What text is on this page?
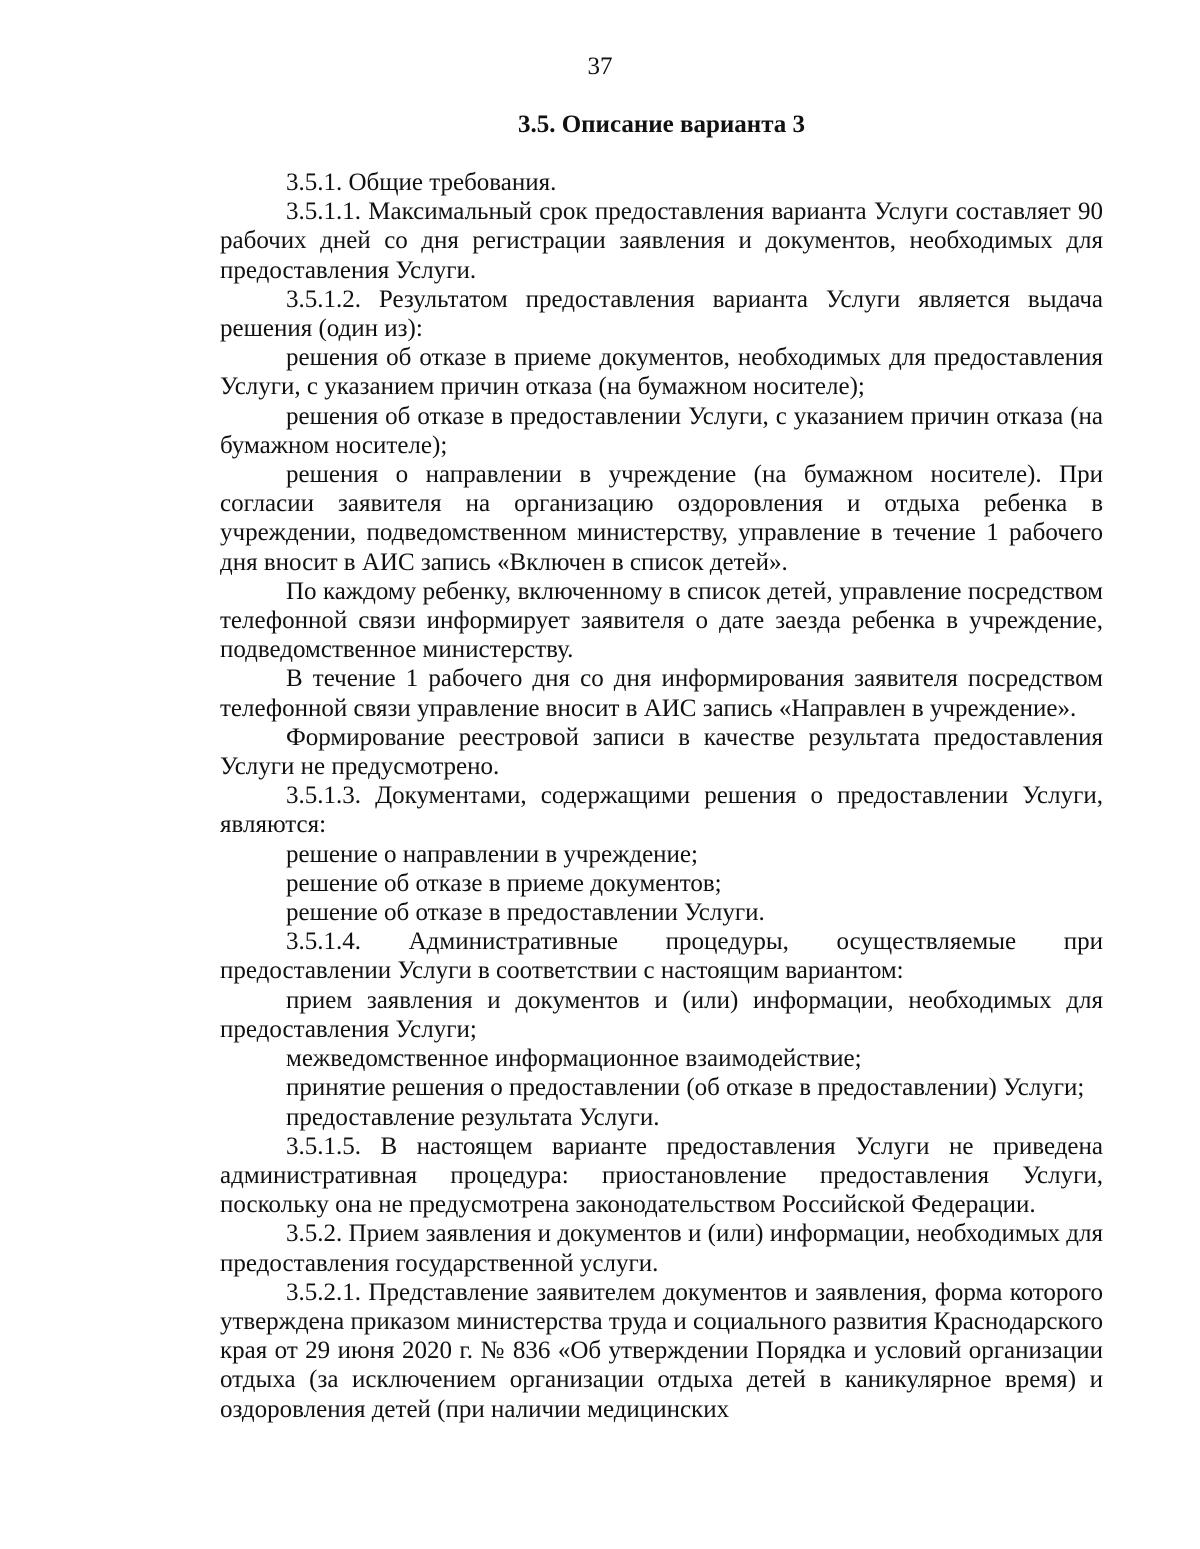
37
3.5. Описание варианта 3

3.5.1. Общие требования.

3.5.1.1. Максимальный срок предоставления варианта Услуги составляет 90 рабочих дней со дня регистрации заявления и документов, необходимых для предоставления Услуги.

3.5.1.2. Результатом предоставления варианта Услуги является выдача решения (один из):

решения об отказе в приеме документов, необходимых для предоставления Услуги, с указанием причин отказа (на бумажном носителе);

решения об отказе в предоставлении Услуги, с указанием причин отказа (на бумажном носителе);

решения о направлении в учреждение (на бумажном носителе). При согласии заявителя на организацию оздоровления и отдыха ребенка в учреждении, подведомственном министерству, управление в течение 1 рабочего дня вносит в АИС запись «Включен в список детей».

По каждому ребенку, включенному в список детей, управление посредством телефонной связи информирует заявителя о дате заезда ребенка в учреждение, подведомственное министерству.

В течение 1 рабочего дня со дня информирования заявителя посредством телефонной связи управление вносит в АИС запись «Направлен в учреждение».

Формирование реестровой записи в качестве результата предоставления Услуги не предусмотрено.

3.5.1.3. Документами, содержащими решения о предоставлении Услуги, являются:

решение о направлении в учреждение;

решение об отказе в приеме документов;

решение об отказе в предоставлении Услуги.

3.5.1.4. Административные процедуры, осуществляемые при предоставлении Услуги в соответствии с настоящим вариантом:

прием заявления и документов и (или) информации, необходимых для предоставления Услуги;

межведомственное информационное взаимодействие;

принятие решения о предоставлении (об отказе в предоставлении) Услуги;

предоставление результата Услуги.

3.5.1.5. В настоящем варианте предоставления Услуги не приведена административная процедура: приостановление предоставления Услуги, поскольку она не предусмотрена законодательством Российской Федерации.

3.5.2. Прием заявления и документов и (или) информации, необходимых для предоставления государственной услуги.

3.5.2.1. Представление заявителем документов и заявления, форма которого утверждена приказом министерства труда и социального развития Краснодарского края от 29 июня 2020 г. № 836 «Об утверждении Порядка и условий организации отдыха (за исключением организации отдыха детей в каникулярное время) и оздоровления детей (при наличии медицинских
